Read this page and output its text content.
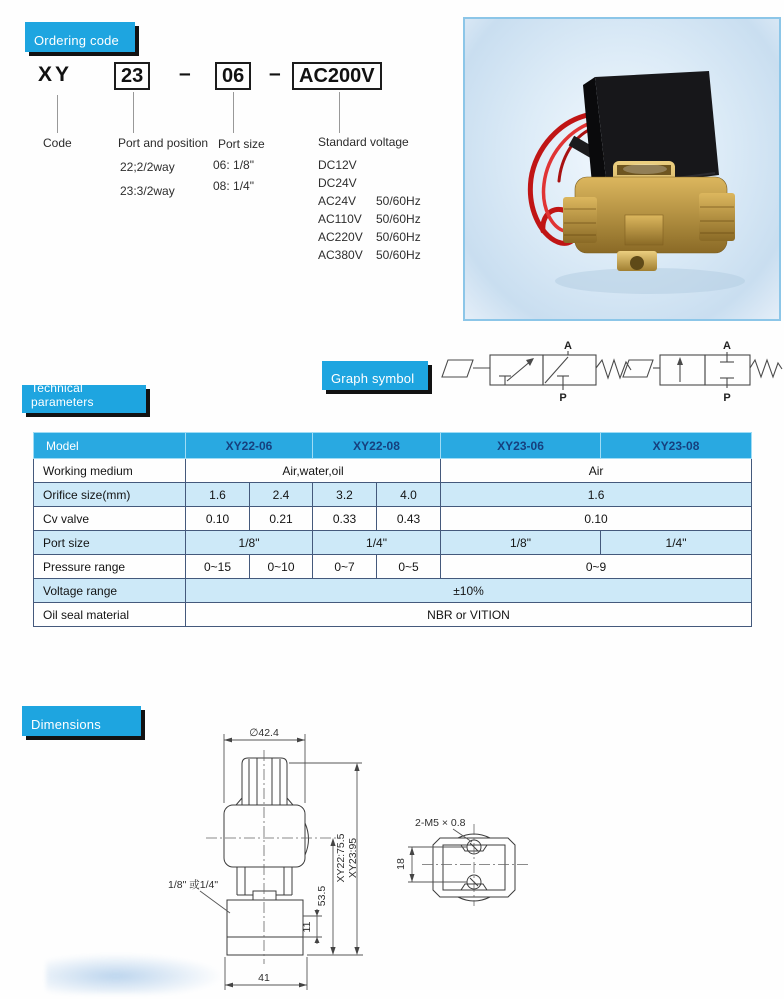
Ordering code
XY	23	–	06	– AC200V
Code	Port and position Port size	Standard voltage
22;2/2way
23:3/2way
06: 1/8"
08: 1/4"
DC12V
DC24V
AC24V	50/60Hz
AC110V	50/60Hz
AC220V	50/60Hz
AC380V	50/60Hz
Graph symbol
A
P
A
P
Technical parameters
Model	XY22-06		XY22-08		XY23-06	XY23-08
Working medium	Air,water,oil				Air	
Orifice size(mm)	1.6	2.4	3.2	4.0	1.6	
Cv valve	0.10	0.21	0.33	0.43	0.10	
Port size	1/8"		1/4"		1/8"	1/4"
Pressure range	0~15	0~10	0~7	0~5	0~9	
Voltage range	±10%					
Oil seal material	NBR or VITION					
Dimensions
∅42.4
XY22:75.5 XY23:95
53.5
11
41
1/8" 或1/4"
18
2-M5 × 0.8
